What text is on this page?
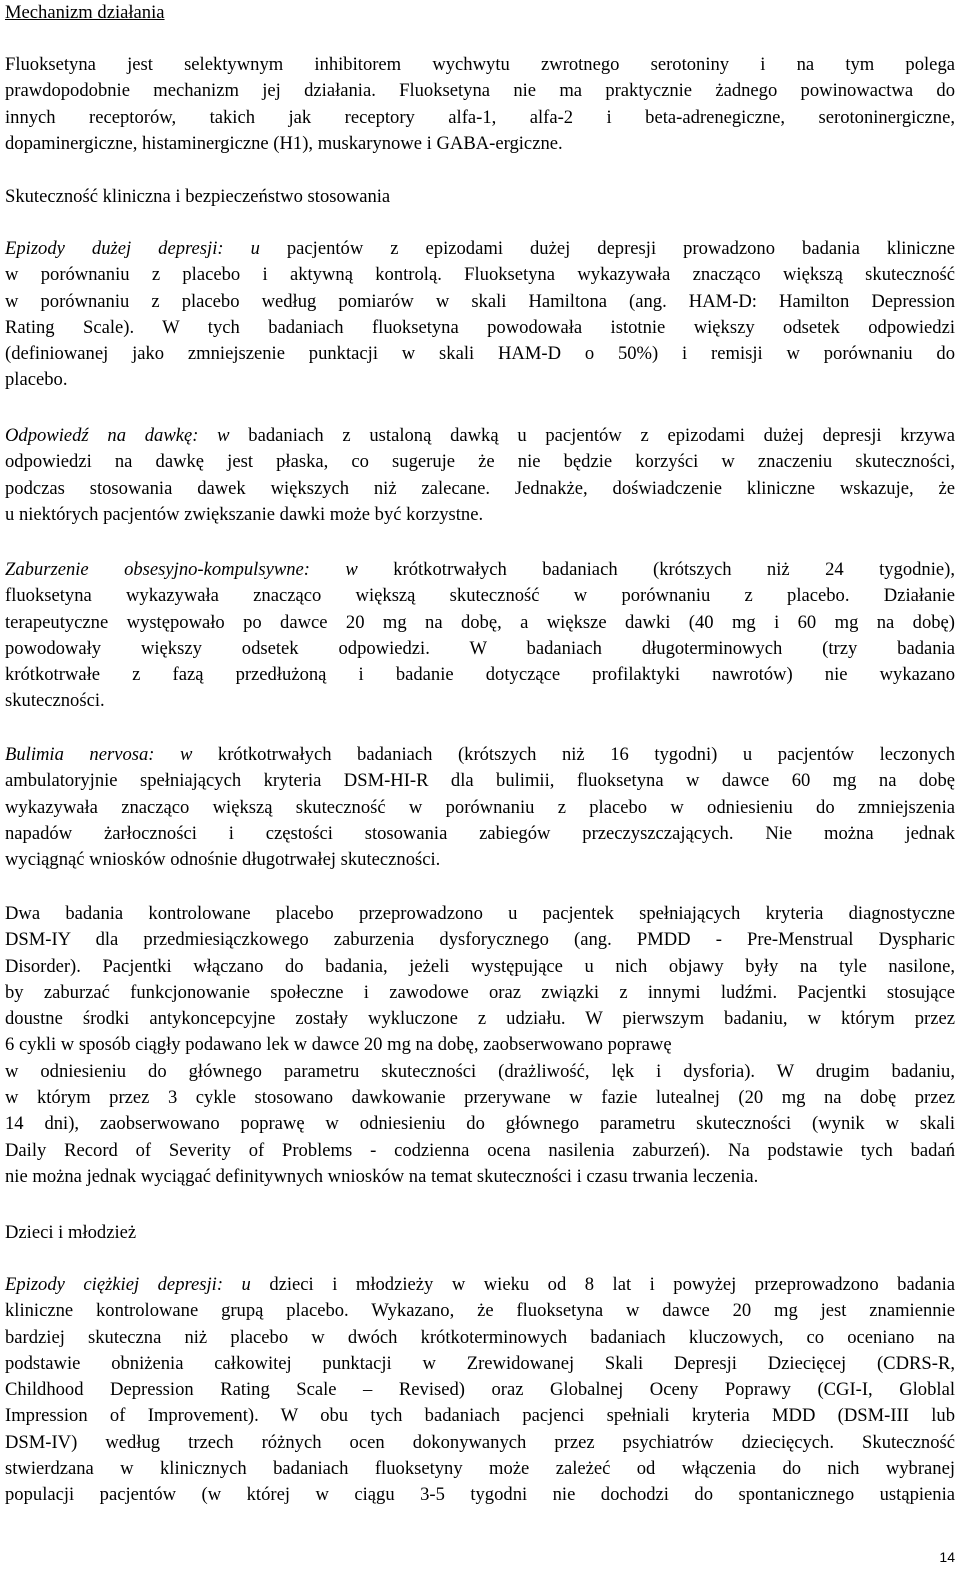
Mechanizm działania
Fluoksetyna jest selektywnym inhibitorem wychwytu zwrotnego serotoniny i na tym polega
prawdopodobnie mechanizm jej działania. Fluoksetyna nie ma praktycznie żadnego powinowactwa do
innych receptorów, takich jak receptory alfa-1, alfa-2 i beta-adrenegiczne, serotoninergiczne,
dopaminergiczne, histaminergiczne (H1), muskarynowe i GABA-ergiczne.
Skuteczność kliniczna i bezpieczeństwo stosowania
Epizody dużej depresji: u pacjentów z epizodami dużej depresji prowadzono badania kliniczne
w porównaniu z placebo i aktywną kontrolą. Fluoksetyna wykazywała znacząco większą skuteczność
w porównaniu z placebo według pomiarów w skali Hamiltona (ang. HAM-D: Hamilton Depression
Rating Scale). W tych badaniach fluoksetyna powodowała istotnie większy odsetek odpowiedzi
(definiowanej jako zmniejszenie punktacji w skali HAM-D o 50%) i remisji w porównaniu do
placebo.
Odpowiedź na dawkę: w badaniach z ustaloną dawką u pacjentów z epizodami dużej depresji krzywa
odpowiedzi na dawkę jest płaska, co sugeruje że nie będzie korzyści w znaczeniu skuteczności,
podczas stosowania dawek większych niż zalecane. Jednakże, doświadczenie kliniczne wskazuje, że
u niektórych pacjentów zwiększanie dawki może być korzystne.
Zaburzenie obsesyjno-kompulsywne: w krótkotrwałych badaniach (krótszych niż 24 tygodnie),
fluoksetyna wykazywała znacząco większą skuteczność w porównaniu z placebo. Działanie
terapeutyczne występowało po dawce 20 mg na dobę, a większe dawki (40 mg i 60 mg na dobę)
powodowały większy odsetek odpowiedzi. W badaniach długoterminowych (trzy badania
krótkotrwałe z fazą przedłużoną i badanie dotyczące profilaktyki nawrotów) nie wykazano
skuteczności.
Bulimia nervosa: w krótkotrwałych badaniach (krótszych niż 16 tygodni) u pacjentów leczonych
ambulatoryjnie spełniających kryteria DSM-HI-R dla bulimii, fluoksetyna w dawce 60 mg na dobę
wykazywała znacząco większą skuteczność w porównaniu z placebo w odniesieniu do zmniejszenia
napadów żarłoczności i częstości stosowania zabiegów przeczyszczających. Nie można jednak
wyciągnąć wniosków odnośnie długotrwałej skuteczności.
Dwa badania kontrolowane placebo przeprowadzono u pacjentek spełniających kryteria diagnostyczne
DSM-IY dla przedmiesiączkowego zaburzenia dysforycznego (ang. PMDD - Pre-Menstrual Dyspharic
Disorder). Pacjentki włączano do badania, jeżeli występujące u nich objawy były na tyle nasilone,
by zaburzać funkcjonowanie społeczne i zawodowe oraz związki z innymi ludźmi. Pacjentki stosujące
doustne środki antykoncepcyjne zostały wykluczone z udziału. W pierwszym badaniu, w którym przez
6 cykli w sposób ciągły podawano lek w dawce 20 mg na dobę, zaobserwowano poprawę
w odniesieniu do głównego parametru skuteczności (drażliwość, lęk i dysforia). W drugim badaniu,
w którym przez 3 cykle stosowano dawkowanie przerywane w fazie lutealnej (20 mg na dobę przez
14 dni), zaobserwowano poprawę w odniesieniu do głównego parametru skuteczności (wynik w skali
Daily Record of Severity of Problems - codzienna ocena nasilenia zaburzeń). Na podstawie tych badań
nie można jednak wyciągać definitywnych wniosków na temat skuteczności i czasu trwania leczenia.
Dzieci i młodzież
Epizody ciężkiej depresji: u dzieci i młodzieży w wieku od 8 lat i powyżej przeprowadzono badania
kliniczne kontrolowane grupą placebo. Wykazano, że fluoksetyna w dawce 20 mg jest znamiennie
bardziej skuteczna niż placebo w dwóch krótkoterminowych badaniach kluczowych, co oceniano na
podstawie obniżenia całkowitej punktacji w Zrewidowanej Skali Depresji Dziecięcej (CDRS-R,
Childhood Depression Rating Scale – Revised) oraz Globalnej Oceny Poprawy (CGI-I, Globlal
Impression of Improvement). W obu tych badaniach pacjenci spełniali kryteria MDD (DSM-III lub
DSM-IV) według trzech różnych ocen dokonywanych przez psychiatrów dziecięcych. Skuteczność
stwierdzana w klinicznych badaniach fluoksetyny może zależeć od włączenia do nich wybranej
populacji pacjentów (w której w ciągu 3-5 tygodni nie dochodzi do spontanicznego ustąpienia
14
